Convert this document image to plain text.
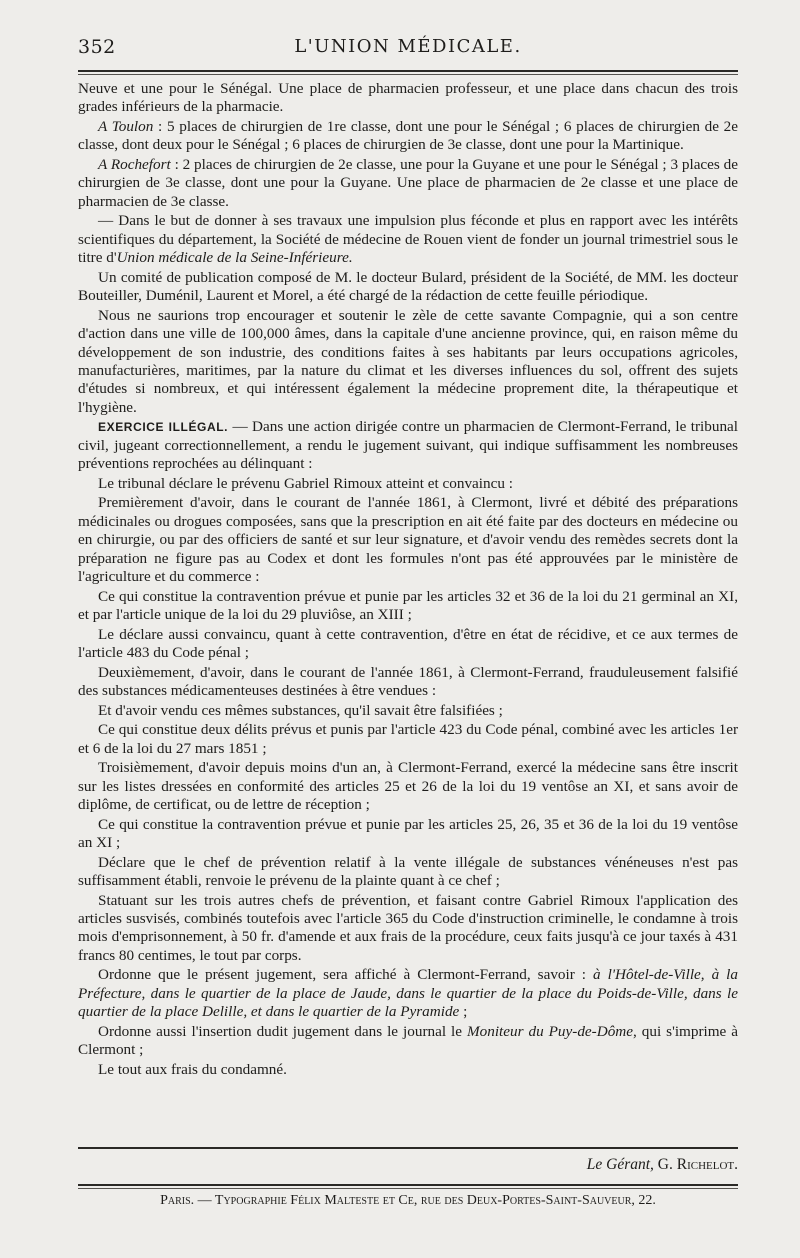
352	L'UNION MÉDICALE.

Neuve et une pour le Sénégal. Une place de pharmacien professeur, et une place dans chacun des trois grades inférieurs de la pharmacie.

A Toulon : 5 places de chirurgien de 1re classe, dont une pour le Sénégal ; 6 places de chirurgien de 2e classe, dont deux pour le Sénégal ; 6 places de chirurgien de 3e classe, dont une pour la Martinique.

A Rochefort : 2 places de chirurgien de 2e classe, une pour la Guyane et une pour le Sénégal ; 3 places de chirurgien de 3e classe, dont une pour la Guyane. Une place de pharmacien de 2e classe et une place de pharmacien de 3e classe.

— Dans le but de donner à ses travaux une impulsion plus féconde et plus en rapport avec les intérêts scientifiques du département, la Société de médecine de Rouen vient de fonder un journal trimestriel sous le titre d'Union médicale de la Seine-Inférieure.

Un comité de publication composé de M. le docteur Bulard, président de la Société, de MM. les docteur Bouteiller, Duménil, Laurent et Morel, a été chargé de la rédaction de cette feuille périodique.

Nous ne saurions trop encourager et soutenir le zèle de cette savante Compagnie, qui a son centre d'action dans une ville de 100,000 âmes, dans la capitale d'une ancienne province, qui, en raison même du développement de son industrie, des conditions faites à ses habitants par leurs occupations agricoles, manufacturières, maritimes, par la nature du climat et les diverses influences du sol, offrent des sujets d'études si nombreux, et qui intéressent également la médecine proprement dite, la thérapeutique et l'hygiène.

EXERCICE ILLÉGAL. — Dans une action dirigée contre un pharmacien de Clermont-Ferrand, le tribunal civil, jugeant correctionnellement, a rendu le jugement suivant, qui indique suffisamment les nombreuses préventions reprochées au délinquant :

Le tribunal déclare le prévenu Gabriel Rimoux atteint et convaincu :

Premièrement d'avoir, dans le courant de l'année 1861, à Clermont, livré et débité des préparations médicinales ou drogues composées, sans que la prescription en ait été faite par des docteurs en médecine ou en chirurgie, ou par des officiers de santé et sur leur signature, et d'avoir vendu des remèdes secrets dont la préparation ne figure pas au Codex et dont les formules n'ont pas été approuvées par le ministère de l'agriculture et du commerce :

Ce qui constitue la contravention prévue et punie par les articles 32 et 36 de la loi du 21 germinal an XI, et par l'article unique de la loi du 29 pluviôse, an XIII ;

Le déclare aussi convaincu, quant à cette contravention, d'être en état de récidive, et ce aux termes de l'article 483 du Code pénal ;

Deuxièmement, d'avoir, dans le courant de l'année 1861, à Clermont-Ferrand, frauduleusement falsifié des substances médicamenteuses destinées à être vendues :

Et d'avoir vendu ces mêmes substances, qu'il savait être falsifiées ;

Ce qui constitue deux délits prévus et punis par l'article 423 du Code pénal, combiné avec les articles 1er et 6 de la loi du 27 mars 1851 ;

Troisièmement, d'avoir depuis moins d'un an, à Clermont-Ferrand, exercé la médecine sans être inscrit sur les listes dressées en conformité des articles 25 et 26 de la loi du 19 ventôse an XI, et sans avoir de diplôme, de certificat, ou de lettre de réception ;

Ce qui constitue la contravention prévue et punie par les articles 25, 26, 35 et 36 de la loi du 19 ventôse an XI ;

Déclare que le chef de prévention relatif à la vente illégale de substances vénéneuses n'est pas suffisamment établi, renvoie le prévenu de la plainte quant à ce chef ;

Statuant sur les trois autres chefs de prévention, et faisant contre Gabriel Rimoux l'application des articles susvisés, combinés toutefois avec l'article 365 du Code d'instruction criminelle, le condamne à trois mois d'emprisonnement, à 50 fr. d'amende et aux frais de la procédure, ceux faits jusqu'à ce jour taxés à 431 francs 80 centimes, le tout par corps.

Ordonne que le présent jugement, sera affiché à Clermont-Ferrand, savoir : à l'Hôtel-de-Ville, à la Préfecture, dans le quartier de la place de Jaude, dans le quartier de la place du Poids-de-Ville, dans le quartier de la place Delille, et dans le quartier de la Pyramide ;

Ordonne aussi l'insertion dudit jugement dans le journal le Moniteur du Puy-de-Dôme, qui s'imprime à Clermont ;

Le tout aux frais du condamné.

Le Gérant, G. Richelot.
Paris. — Typographie Félix Malteste et Ce, rue des Deux-Portes-Saint-Sauveur, 22.
